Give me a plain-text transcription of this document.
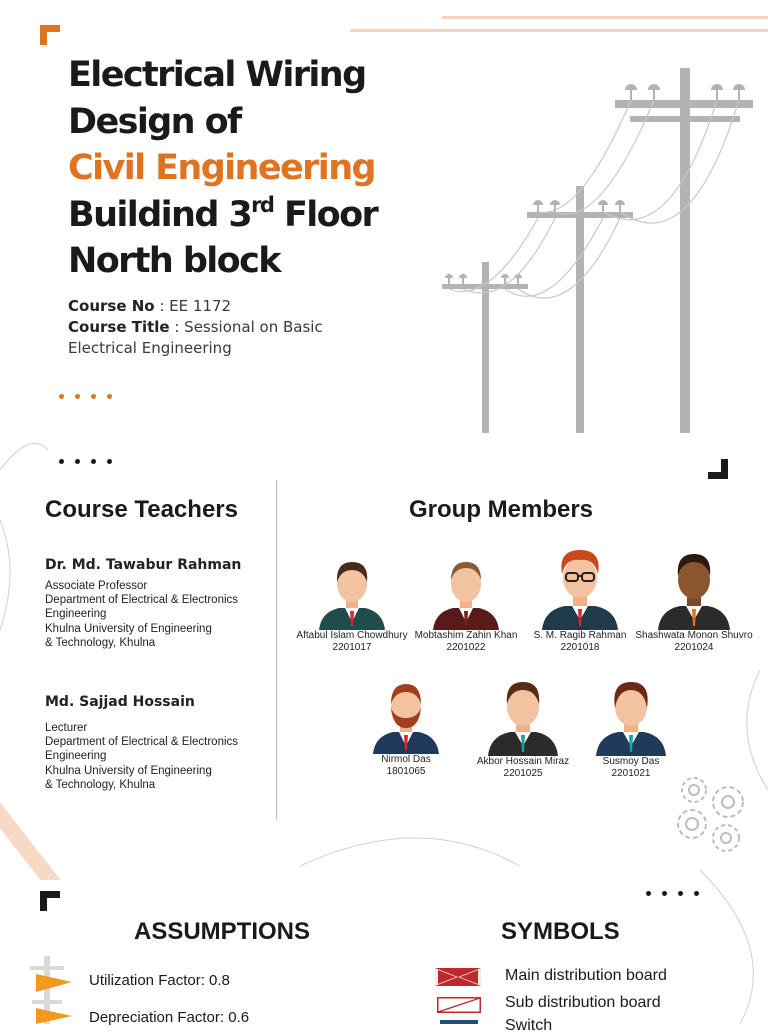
Electrical Wiring
Design of
Civil Engineering
Buildind 3rd Floor
North block
Course No : EE 1172
Course Title : Sessional on Basic
Electrical Engineering
Course Teachers
Dr. Md. Tawabur Rahman
Associate Professor
Department of Electrical & Electronics
Engineering
Khulna University of Engineering
& Technology, Khulna
Md. Sajjad Hossain
Lecturer
Department of Electrical & Electronics
Engineering
Khulna University of Engineering
& Technology, Khulna
Group Members
Aftabul Islam Chowdhury
2201017
Mobtashim Zahin Khan
2201022
S. M. Ragib Rahman
2201018
Shashwata Monon Shuvro
2201024
Nirmol Das
1801065
Akbor Hossain Miraz
2201025
Susmoy Das
2201021
ASSUMPTIONS
Utilization Factor: 0.8
Depreciation Factor: 0.6
SYMBOLS
Main distribution board
Sub distribution board
Switch
